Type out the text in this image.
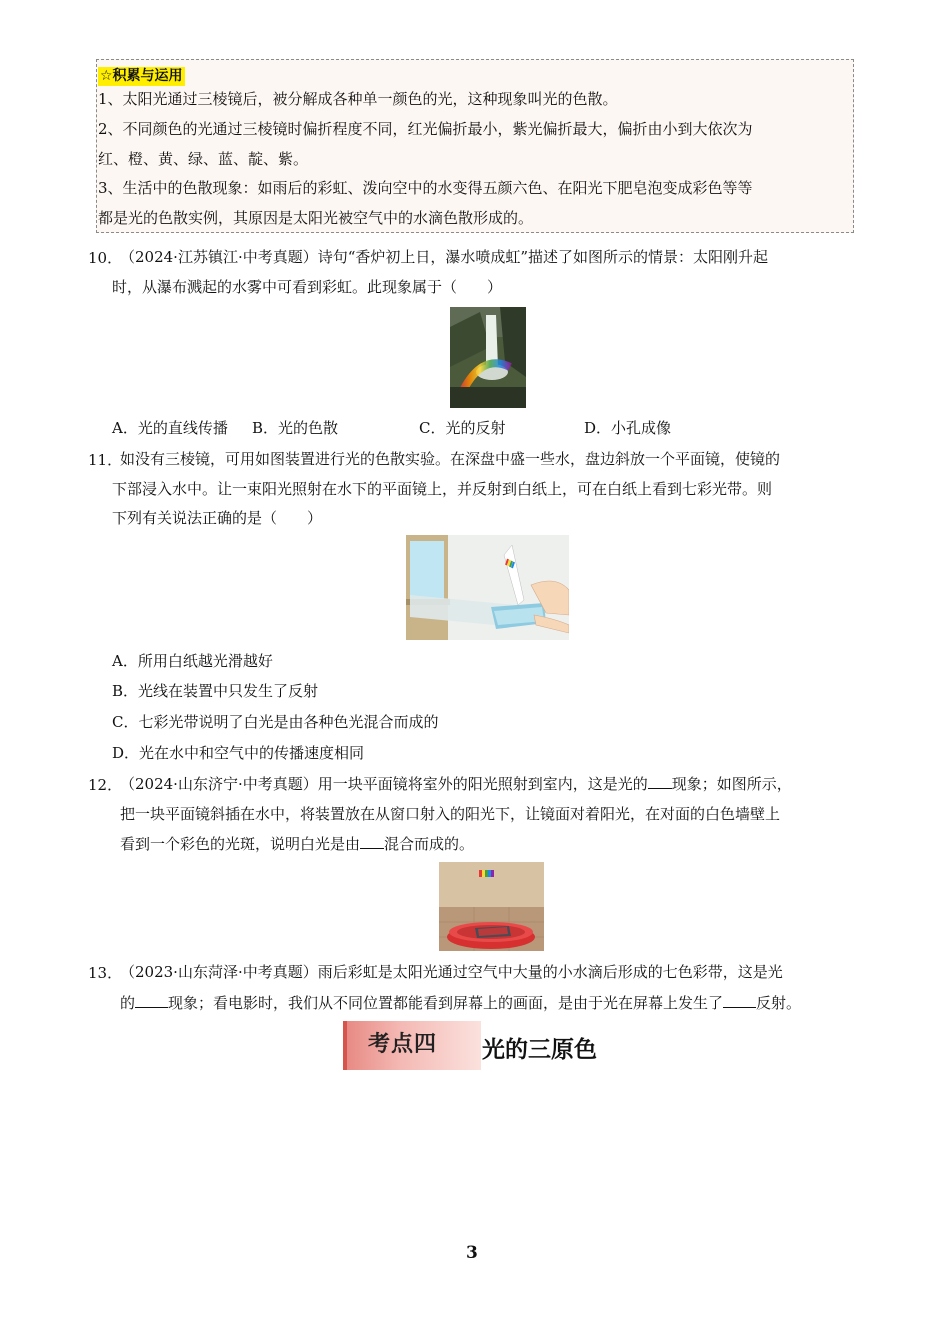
☆积累与运用
1、太阳光通过三棱镜后，被分解成各种单一颜色的光，这种现象叫光的色散。
2、不同颜色的光通过三棱镜时偏折程度不同，红光偏折最小，紫光偏折最大，偏折由小到大依次为
红、橙、黄、绿、蓝、靛、紫。
3、生活中的色散现象：如雨后的彩虹、泼向空中的水变得五颜六色、在阳光下肥皂泡变成彩色等等
都是光的色散实例，其原因是太阳光被空气中的水滴色散形成的。
10．
（2024·江苏镇江·中考真题）诗句“香炉初上日，瀑水喷成虹”描述了如图所示的情景：太阳刚升起
时，从瀑布溅起的水雾中可看到彩虹。此现象属于（　　）
A．光的直线传播 B．光的色散	C．光的反射	D．小孔成像
11．
如没有三棱镜，可用如图装置进行光的色散实验。在深盘中盛一些水，盘边斜放一个平面镜，使镜的
下部浸入水中。让一束阳光照射在水下的平面镜上，并反射到白纸上，可在白纸上看到七彩光带。则
下列有关说法正确的是（　　）
A．所用白纸越光滑越好
B．光线在装置中只发生了反射
C．七彩光带说明了白光是由各种色光混合而成的
D．光在水中和空气中的传播速度相同
12．
（2024·山东济宁·中考真题）用一块平面镜将室外的阳光照射到室内，这是光的 现象；如图所示，
把一块平面镜斜插在水中，将装置放在从窗口射入的阳光下，让镜面对着阳光，在对面的白色墙壁上
看到一个彩色的光斑，说明白光是由 混合而成的。
13．
（2023·山东菏泽·中考真题）雨后彩虹是太阳光通过空气中大量的小水滴后形成的七色彩带，这是光
的 现象；看电影时，我们从不同位置都能看到屏幕上的画面，是由于光在屏幕上发生了 反射。
考点四 光的三原色
3
